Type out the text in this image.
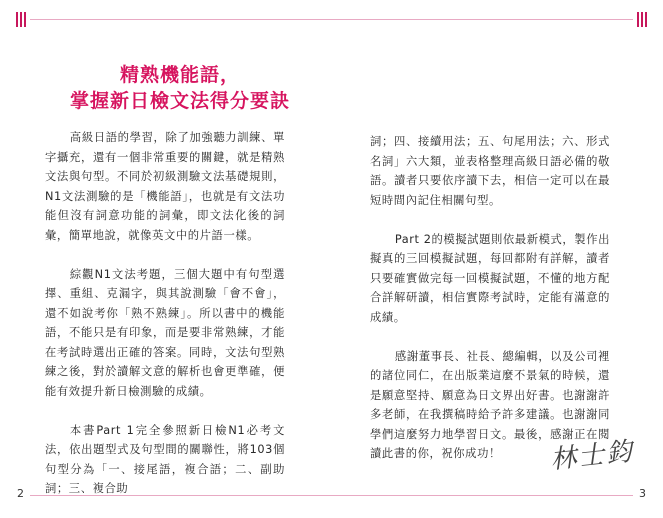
精熟機能語，
掌握新日檢文法得分要訣

高級日語的學習，除了加強聽力訓練、單字攝充，還有一個非常重要的關鍵，就是精熟文法與句型。不同於初級測驗文法基礎規則，N1文法測驗的是「機能語」，也就是有文法功能但沒有詞意功能的詞彙，即文法化後的詞彙，簡單地說，就像英文中的片語一樣。

綜觀N1文法考題，三個大題中有句型選擇、重組、克漏字，與其說測驗「會不會」，還不如說考你「熟不熟練」。所以書中的機能語，不能只是有印象，而是要非常熟練，才能在考試時選出正確的答案。同時，文法句型熟練之後，對於讀解文意的解析也會更準確，便能有效提升新日檢測驗的成績。

本書Part 1完全參照新日檢N1必考文法，依出題型式及句型間的關聯性，將103個句型分為「一、接尾語，複合語；二、副助詞；三、複合助

詞；四、接續用法；五、句尾用法；六、形式名詞」六大類，並表格整理高級日語必備的敬語。讀者只要依序讀下去，相信一定可以在最短時間內記住相關句型。

Part 2的模擬試題則依最新模式，製作出擬真的三回模擬試題，每回都附有詳解，讀者只要確實做完每一回模擬試題，不懂的地方配合詳解研讀，相信實際考試時，定能有滿意的成績。

感謝董事長、社長、總編輯，以及公司裡的諸位同仁，在出版業這麼不景氣的時候，還是願意堅持、願意為日文界出好書。也謝謝許多老師，在我撰稿時給予許多建議。也謝謝同學們這麼努力地學習日文。最後，感謝正在閱讀此書的你，祝你成功！	林士鈞
2	3
